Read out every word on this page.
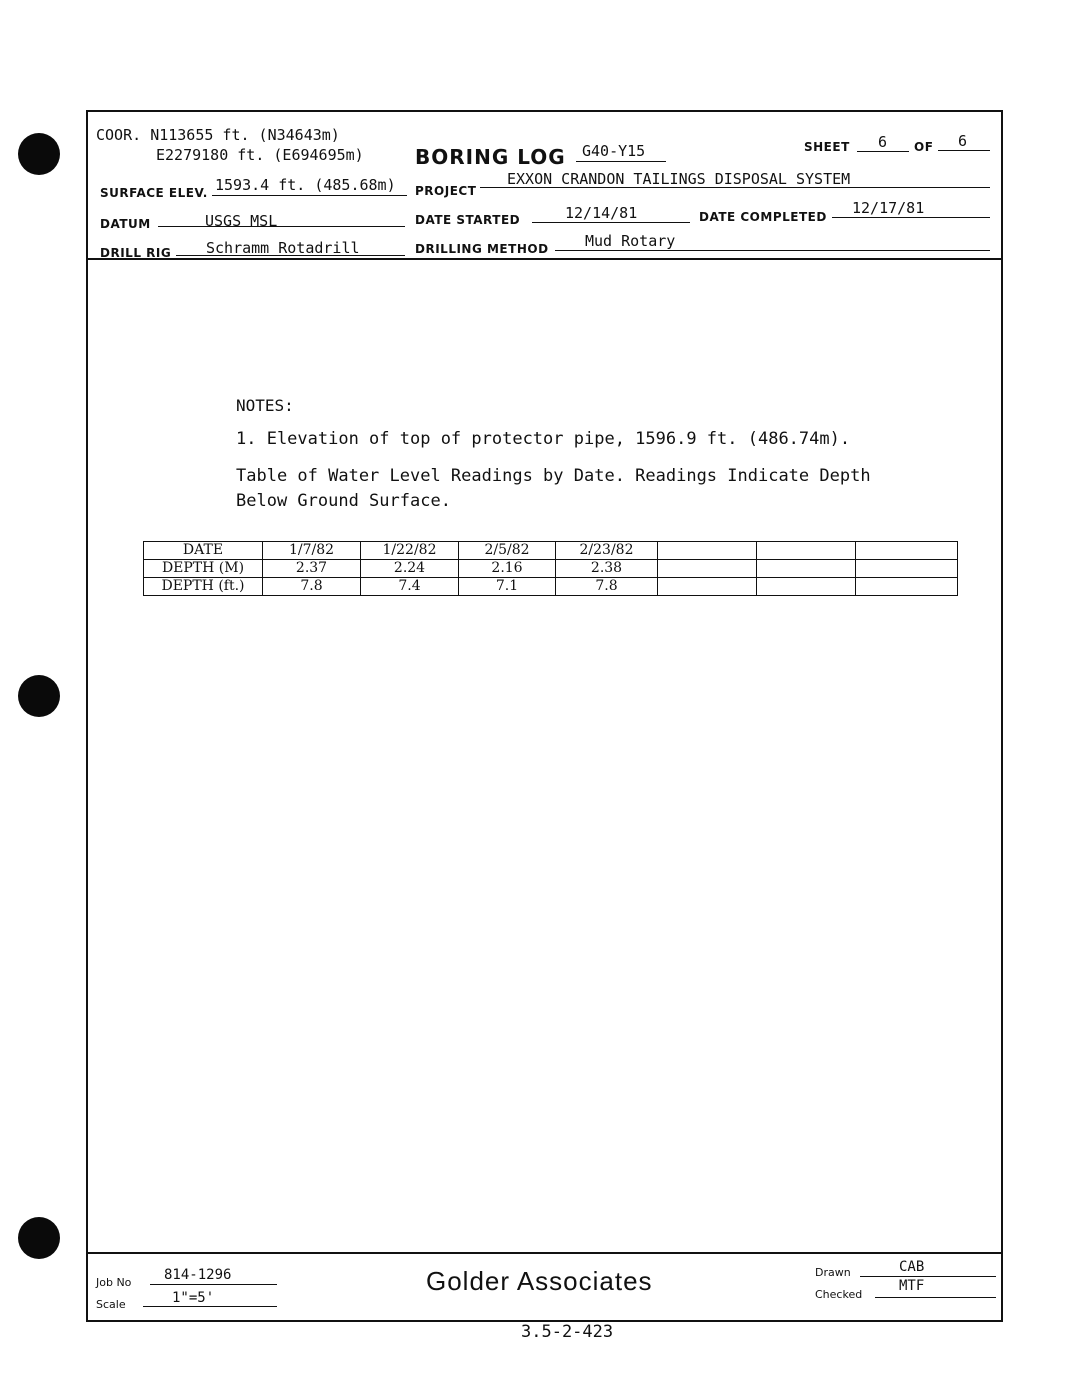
COOR. N113655 ft. (N34643m)
E2279180 ft. (E694695m)	BORING LOG G40-Y15	SHEET 6 OF 6
SURFACE ELEV. 1593.4 ft. (485.68m) PROJECT
EXXON CRANDON TAILINGS DISPOSAL SYSTEM
DATUM	USGS MSL	DATE STARTED	12/14/81	DATE COMPLETED 12/17/81
DRILL RIG Schramm Rotadrill	DRILLING METHOD Mud Rotary
NOTES:
1. Elevation of top of protector pipe, 1596.9 ft. (486.74m).
Table of Water Level Readings by Date. Readings Indicate Depth
Below Ground Surface.
DATE	1/7/82	1/22/82	2/5/82	2/23/82			
DEPTH (M)	2.37	2.24	2.16	2.38			
DEPTH (ft.)	7.8	7.4	7.1	7.8			
Job No 814-1296
Scale	1"=5'
Golder Associates	Drawn	CAB
Checked
MTF
3.5-2-423
